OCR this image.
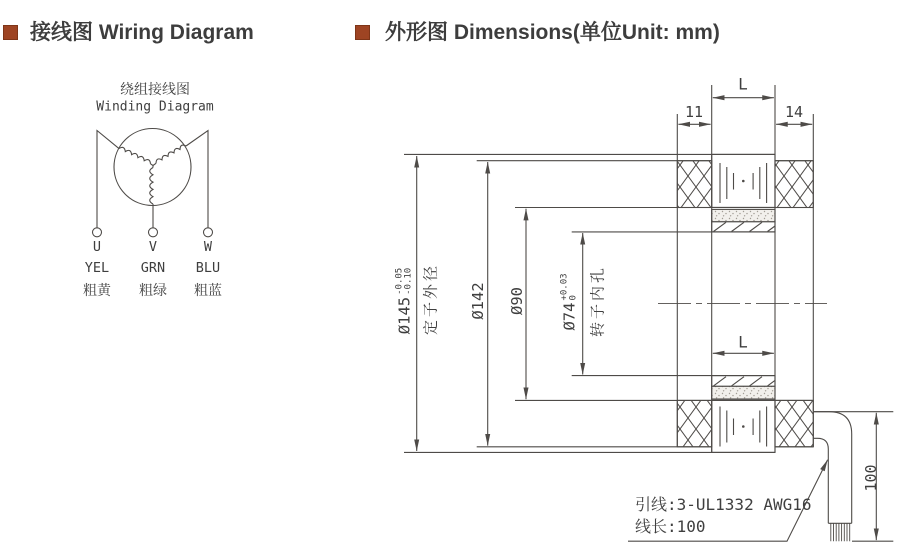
接线图 Wiring Diagram	外形图 Dimensions(单位Unit: mm)
绕组接线图
Winding Diagram
U	V	W
YEL GRN BLU
粗黄 粗绿 粗蓝
L
11	14
L
Ø145
-0.05 -0.10 定子外径 Ø142 Ø90
Ø74
+0.03 0 转子内孔
100
引线:3-UL1332 AWG16
线长:100
